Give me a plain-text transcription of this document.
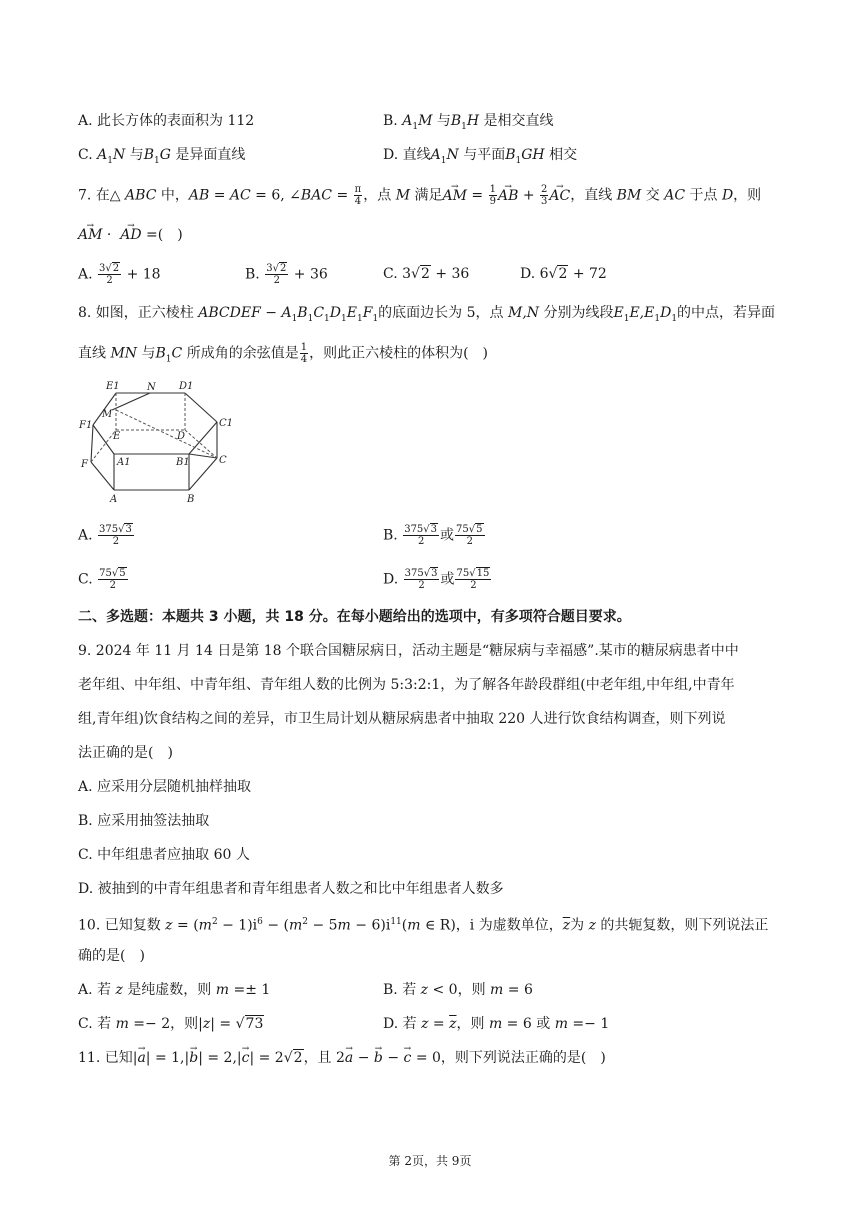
A. 此长方体的表面积为 112	B. $A_1M$ 与$B_1H$ 是相交直线
C. $A_1N$ 与$B_1G$ 是异面直线	D. 直线$A_1N$ 与平面$B_1GH$ 相交
7. 在△ ABC 中，AB = AC = 6, ∠BAC = $\frac{\pi}{4}$ ，点 M 满足→ AM = $\frac{1}{9}$ → AB + $\frac{2}{3}$ → AC，直线 BM 交 AC 于点 D，则
→ AM ·  → AD =(　)
A. $\frac{3√2}{2} + 18$	B. $\frac{3√2}{2} + 36$	C. 3√2 + 36	D. 6√2 + 72
8. 如图，正六棱柱 ABCDEF − $A_1B_1C_1D_1E_1F_1$的底面边长为 5，点 M,N 分别为线段$E_1E,E_1D_1$的中点，若异面
直线 MN 与$B_1C$ 所成角的余弦值是 $\frac{1}{4}$ ，则此正六棱柱的体积为(　)
E1	N D1
M
C1
F1
E	D
F	A1	B1	C
A	B
A. $\frac{375√3}{2}$	B. $\frac{375√3}{2}$ 或 $\frac{75√5}{2}$
C. $\frac{75√5}{2}$	D. $\frac{375√3}{2}$ 或 $\frac{75√15}{2}$
二、多选题：本题共 3 小题，共 18 分。在每小题给出的选项中，有多项符合题目要求。
9. 2024 年 11 月 14 日是第 18 个联合国糖尿病日，活动主题是“糖尿病与幸福感”.某市的糖尿病患者中中
老年组、中年组、中青年组、青年组人数的比例为 5:3:2:1，为了解各年龄段群组(中老年组,中年组,中青年
组,青年组)饮食结构之间的差异，市卫生局计划从糖尿病患者中抽取 220 人进行饮食结构调查，则下列说
法正确的是(　)
A. 应采用分层随机抽样抽取
B. 应采用抽签法抽取
C. 中年组患者应抽取 60 人
D. 被抽到的中青年组患者和青年组患者人数之和比中年组患者人数多
10. 已知复数 $z = (m^2 - 1)i^6 - (m^2 - 5m - 6)i^{11}(m$ ∈ R)，i 为虚数单位，$\overline{z}$为 z 的共轭复数，则下列说法正
确的是(　)
A. 若 z 是纯虚数，则 m =± 1	B. 若 z < 0，则 m = 6
C. 若 m =− 2，则|z| = √73	D. 若 $z = \overline{z}$，则 m = 6 或 m =− 1
11. 已知|→ a| = 1,|→ b| = 2,|→ c| = 2√2，且 2→ a − → b − → c = 0，则下列说法正确的是(　)
第 2页，共 9页
